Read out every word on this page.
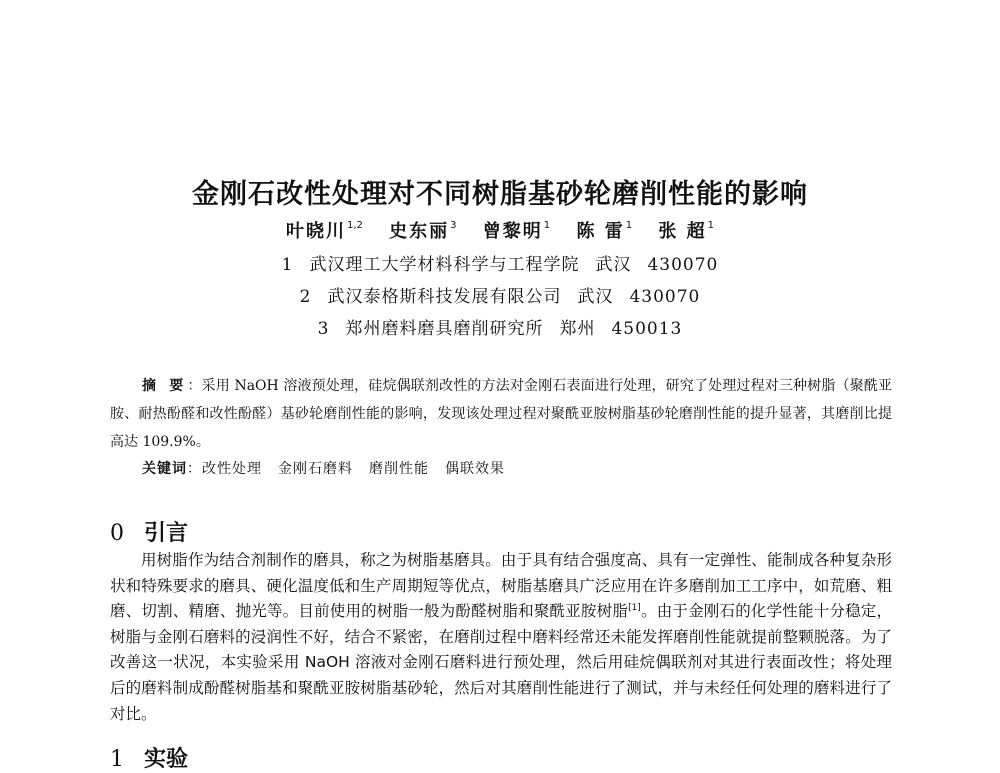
金刚石改性处理对不同树脂基砂轮磨削性能的影响
叶晓川$^{1,2}$ 史东丽$^3$ 曾黎明$^1$ 陈 雷$^1$ 张 超$^1$
1 武汉理工大学材料科学与工程学院 武汉 430070
2 武汉泰格斯科技发展有限公司 武汉 430070
3 郑州磨料磨具磨削研究所 郑州 450013
摘 要：采用 NaOH 溶液预处理，硅烷偶联剂改性的方法对金刚石表面进行处理，研究了处理过程对三种树脂（聚酰亚胺、耐热酚醛和改性酚醛）基砂轮磨削性能的影响，发现该处理过程对聚酰亚胺树脂基砂轮磨削性能的提升显著，其磨削比提高达 109.9%。
关键词：改性处理 金刚石磨料 磨削性能 偶联效果
0 引言
用树脂作为结合剂制作的磨具，称之为树脂基磨具。由于具有结合强度高、具有一定弹性、能制成各种复杂形状和特殊要求的磨具、硬化温度低和生产周期短等优点，树脂基磨具广泛应用在许多磨削加工工序中，如荒磨、粗磨、切割、精磨、抛光等。目前使用的树脂一般为酚醛树脂和聚酰亚胺树脂[1]。由于金刚石的化学性能十分稳定，树脂与金刚石磨料的浸润性不好，结合不紧密，在磨削过程中磨料经常还未能发挥磨削性能就提前整颗脱落。为了改善这一状况，本实验采用 NaOH 溶液对金刚石磨料进行预处理，然后用硅烷偶联剂对其进行表面改性；将处理后的磨料制成酚醛树脂基和聚酰亚胺树脂基砂轮，然后对其磨削性能进行了测试，并与未经任何处理的磨料进行了对比。
1 实验
